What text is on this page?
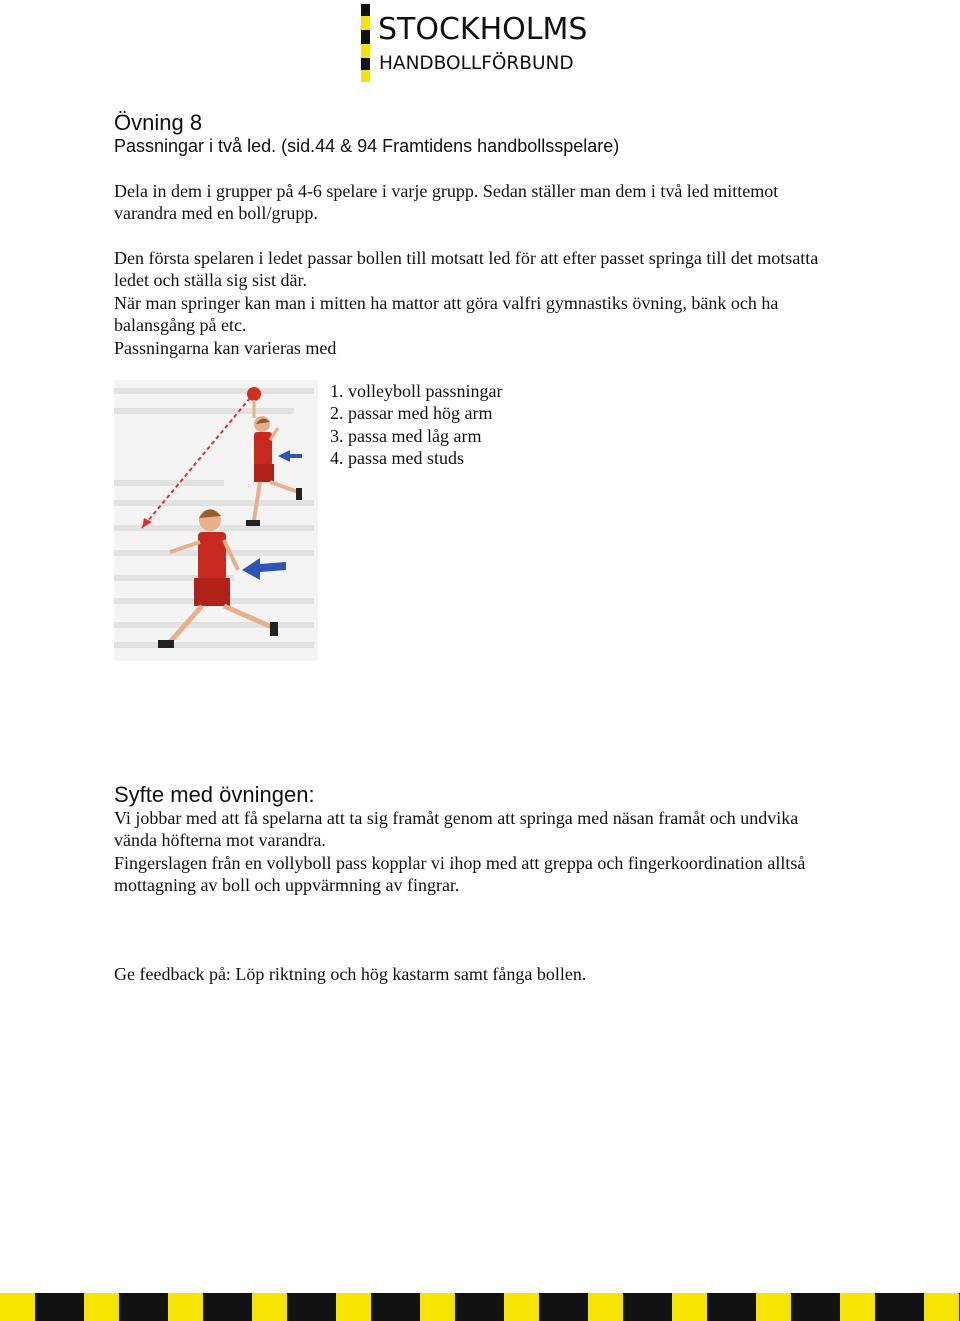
STOCKHOLMS
HANDBOLLFÖRBUND
Övning 8
Passningar i två led. (sid.44 & 94 Framtidens handbollsspelare)

Dela in dem i grupper på 4-6 spelare i varje grupp. Sedan ställer man dem i två led mittemot varandra med en boll/grupp.

Den första spelaren i ledet passar bollen till motsatt led för att efter passet springa till det motsatta ledet och ställa sig sist där.

När man springer kan man i mitten ha mattor att göra valfri gymnastiks övning, bänk och ha balansgång på etc.

Passningarna kan varieras med

1. volleyboll passningar
2. passar med hög arm
3. passa med låg arm
4. passa med studs
Syfte med övningen:

Vi jobbar med att få spelarna att ta sig framåt genom att springa med näsan framåt och undvika vända höfterna mot varandra.

Fingerslagen från en vollyboll pass kopplar vi ihop med att greppa och fingerkoordination alltså mottagning av boll och uppvärmning av fingrar.

Ge feedback på: Löp riktning och hög kastarm samt fånga bollen.
